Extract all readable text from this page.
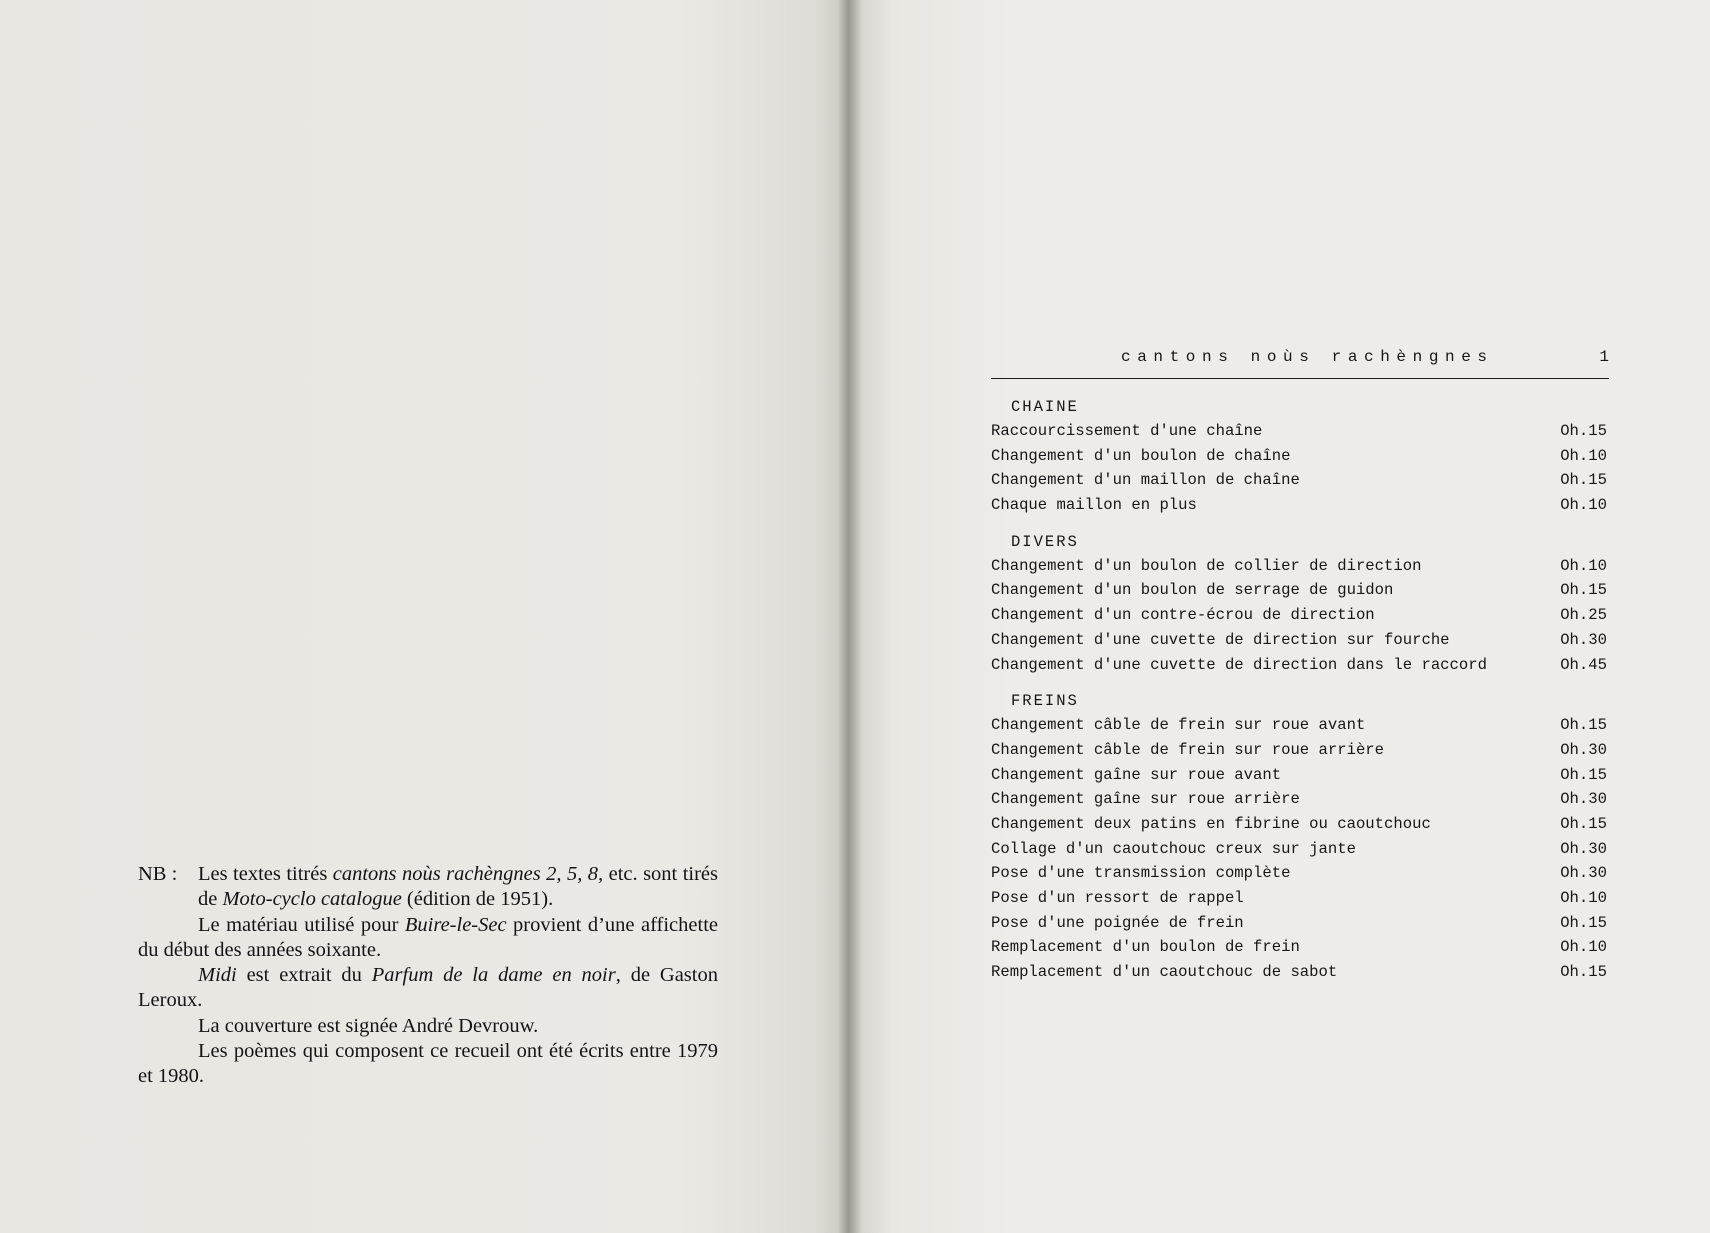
NB :	Les textes titrés cantons noùs rachèngnes 2, 5, 8, etc. sont tirés de Moto-cyclo catalogue (édition de 1951).

Le matériau utilisé pour Buire-le-Sec provient d’une affichette du début des années soixante.

Midi est extrait du Parfum de la dame en noir, de Gaston Leroux.

La couverture est signée André Devrouw.

Les poèmes qui composent ce recueil ont été écrits entre 1979 et 1980.

cantons noùs rachèngnes	1
CHAINE
Raccourcissement d'une chaîne	Oh.15
Changement d'un boulon de chaîne	Oh.10
Changement d'un maillon de chaîne	Oh.15
Chaque maillon en plus	Oh.10
DIVERS
Changement d'un boulon de collier de direction	Oh.10
Changement d'un boulon de serrage de guidon	Oh.15
Changement d'un contre-écrou de direction	Oh.25
Changement d'une cuvette de direction sur fourche	Oh.30
Changement d'une cuvette de direction dans le raccord	Oh.45
FREINS
Changement câble de frein sur roue avant	Oh.15
Changement câble de frein sur roue arrière	Oh.30
Changement gaîne sur roue avant	Oh.15
Changement gaîne sur roue arrière	Oh.30
Changement deux patins en fibrine ou caoutchouc	Oh.15
Collage d'un caoutchouc creux sur jante	Oh.30
Pose d'une transmission complète	Oh.30
Pose d'un ressort de rappel	Oh.10
Pose d'une poignée de frein	Oh.15
Remplacement d'un boulon de frein	Oh.10
Remplacement d'un caoutchouc de sabot	Oh.15
